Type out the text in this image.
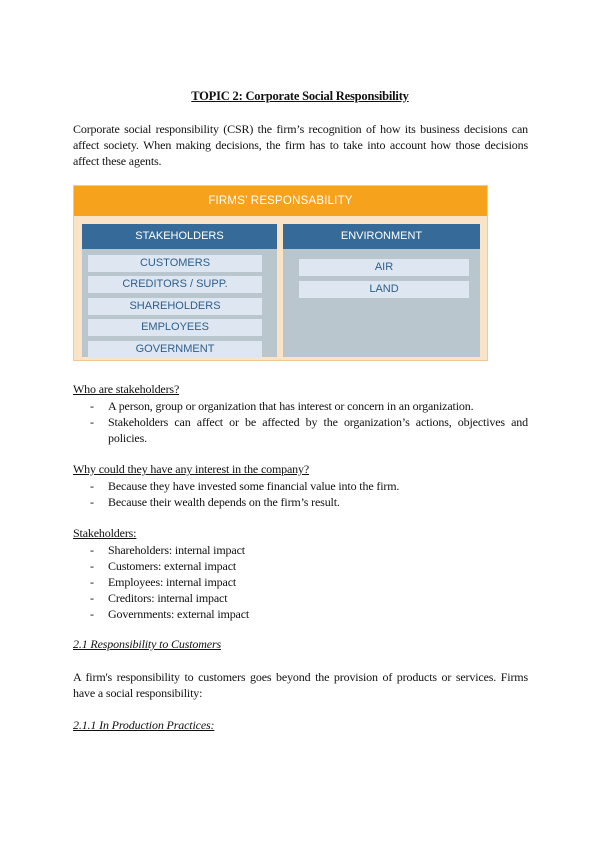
TOPIC 2: Corporate Social Responsibility
Corporate social responsibility (CSR) the firm’s recognition of how its business decisions can affect society. When making decisions, the firm has to take into account how those decisions affect these agents.
FIRMS’ RESPONSABILITY
STAKEHOLDERS
CUSTOMERS
CREDITORS / SUPP.
SHAREHOLDERS
EMPLOYEES
GOVERNMENT
ENVIRONMENT
AIR
LAND
Who are stakeholders?
- A person, group or organization that has interest or concern in an organization.
- Stakeholders can affect or be affected by the organization’s actions, objectives and policies.
Why could they have any interest in the company?
- Because they have invested some financial value into the firm.
- Because their wealth depends on the firm’s result.
Stakeholders:
- Shareholders: internal impact
- Customers: external impact
- Employees: internal impact
- Creditors: internal impact
- Governments: external impact
2.1 Responsibility to Customers
A firm's responsibility to customers goes beyond the provision of products or services. Firms have a social responsibility:
2.1.1 In Production Practices:
